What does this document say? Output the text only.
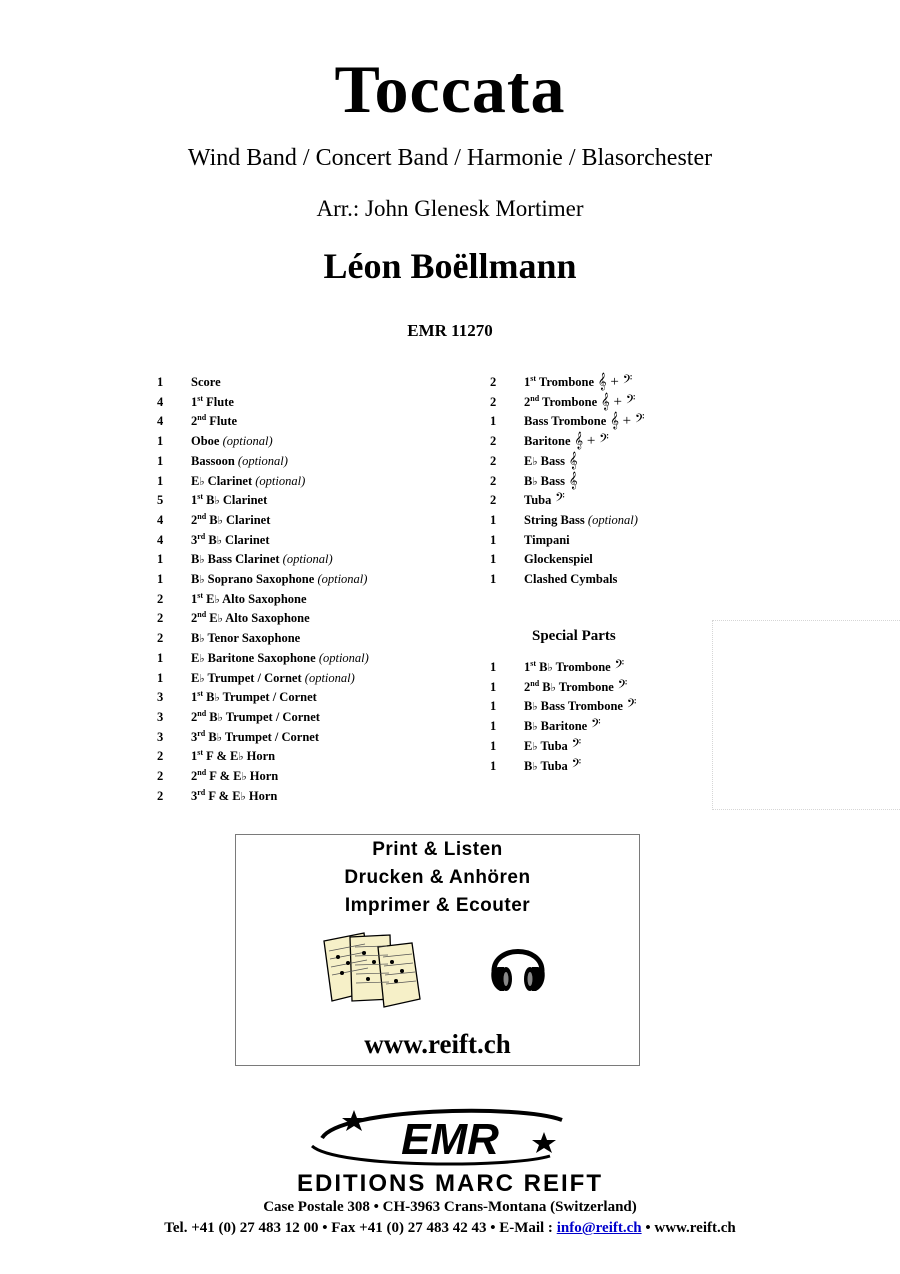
Toccata
Wind Band / Concert Band / Harmonie / Blasorchester
Arr.: John Glenesk Mortimer
Léon Boëllmann
EMR 11270
1	Score
4	1st Flute
4	2nd Flute
1	Oboe (optional)
1	Bassoon (optional)
1	E♭ Clarinet (optional)
5	1st B♭ Clarinet
4	2nd B♭ Clarinet
4	3rd B♭ Clarinet
1	B♭ Bass Clarinet (optional)
1	B♭ Soprano Saxophone (optional)
2	1st E♭ Alto Saxophone
2	2nd E♭ Alto Saxophone
2	B♭ Tenor Saxophone
1	E♭ Baritone Saxophone (optional)
1	E♭ Trumpet / Cornet (optional)
3	1st B♭ Trumpet / Cornet
3	2nd B♭ Trumpet / Cornet
3	3rd B♭ Trumpet / Cornet
2	1st F & E♭ Horn
2	2nd F & E♭ Horn
2	3rd F & E♭ Horn
2	1st Trombone 𝄞 + 𝄢
2	2nd Trombone 𝄞 + 𝄢
1	Bass Trombone 𝄞 + 𝄢
2	Baritone 𝄞 + 𝄢
2	E♭ Bass 𝄞
2	B♭ Bass 𝄞
2	Tuba 𝄢
1	String Bass (optional)
1	Timpani
1	Glockenspiel
1	Clashed Cymbals
Special Parts
1	1st B♭ Trombone 𝄢
1	2nd B♭ Trombone 𝄢
1	B♭ Bass Trombone 𝄢
1	B♭ Baritone 𝄢
1	E♭ Tuba 𝄢
1	B♭ Tuba 𝄢
Print & Listen
Drucken & Anhören
Imprimer & Ecouter
www.reift.ch
EMR
EDITIONS MARC REIFT
Case Postale 308 • CH-3963 Crans-Montana (Switzerland)
Tel. +41 (0) 27 483 12 00 • Fax +41 (0) 27 483 42 43 • E-Mail : info@reift.ch • www.reift.ch
